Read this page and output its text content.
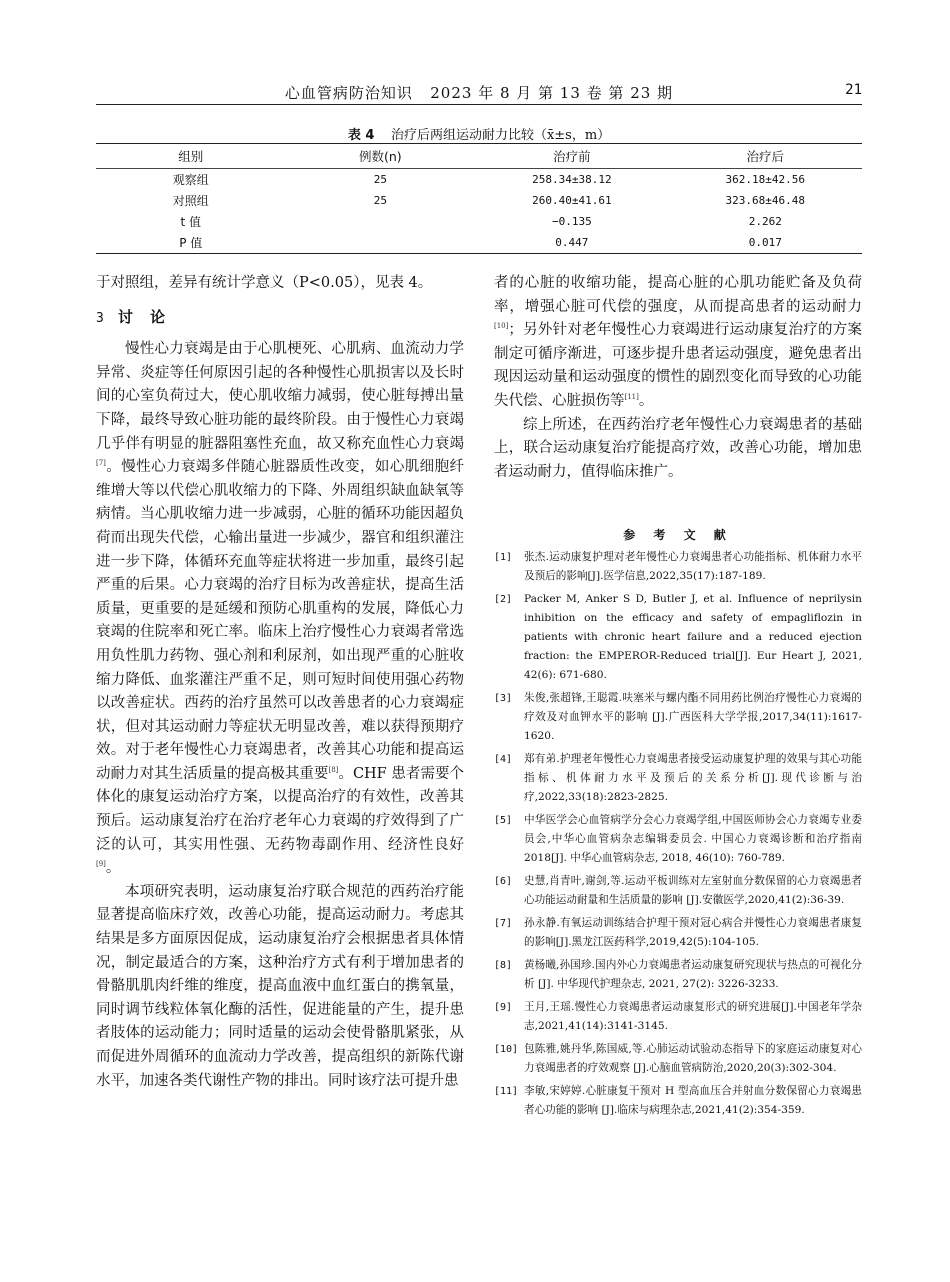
心血管病防治知识 2023 年 8 月 第 13 卷 第 23 期	21
表 4 治疗后两组运动耐力比较（x̄±s，m）
组别	例数(n)	治疗前	治疗后
观察组	25	258.34±38.12	362.18±42.56
对照组	25	260.40±41.61	323.68±46.48
t 值		−0.135	2.262
P 值		0.447	0.017

于对照组，差异有统计学意义（P<0.05），见表 4。

3 讨 论

慢性心力衰竭是由于心肌梗死、心肌病、血流动力学异常、炎症等任何原因引起的各种慢性心肌损害以及长时间的心室负荷过大，使心肌收缩力减弱，使心脏每搏出量下降，最终导致心脏功能的最终阶段。由于慢性心力衰竭几乎伴有明显的脏器阻塞性充血，故又称充血性心力衰竭[7]。慢性心力衰竭多伴随心脏器质性改变，如心肌细胞纤维增大等以代偿心肌收缩力的下降、外周组织缺血缺氧等病情。当心肌收缩力进一步减弱，心脏的循环功能因超负荷而出现失代偿，心输出量进一步减少，器官和组织灌注进一步下降，体循环充血等症状将进一步加重，最终引起严重的后果。心力衰竭的治疗目标为改善症状，提高生活质量，更重要的是延缓和预防心肌重构的发展，降低心力衰竭的住院率和死亡率。临床上治疗慢性心力衰竭者常选用负性肌力药物、强心剂和利尿剂，如出现严重的心脏收缩力降低、血浆灌注严重不足，则可短时间使用强心药物以改善症状。西药的治疗虽然可以改善患者的心力衰竭症状，但对其运动耐力等症状无明显改善，难以获得预期疗效。对于老年慢性心力衰竭患者，改善其心功能和提高运动耐力对其生活质量的提高极其重要[8]。CHF 患者需要个体化的康复运动治疗方案，以提高治疗的有效性，改善其预后。运动康复治疗在治疗老年心力衰竭的疗效得到了广泛的认可，其实用性强、无药物毒副作用、经济性良好[9]。

本项研究表明，运动康复治疗联合规范的西药治疗能显著提高临床疗效，改善心功能，提高运动耐力。考虑其结果是多方面原因促成，运动康复治疗会根据患者具体情况，制定最适合的方案，这种治疗方式有利于增加患者的骨骼肌肌肉纤维的维度，提高血液中血红蛋白的携氧量，同时调节线粒体氧化酶的活性，促进能量的产生，提升患者肢体的运动能力；同时适量的运动会使骨骼肌紧张，从而促进外周循环的血流动力学改善，提高组织的新陈代谢水平，加速各类代谢性产物的排出。同时该疗法可提升患

者的心脏的收缩功能，提高心脏的心肌功能贮备及负荷率，增强心脏可代偿的强度，从而提高患者的运动耐力[10]；另外针对老年慢性心力衰竭进行运动康复治疗的方案制定可循序渐进，可逐步提升患者运动强度，避免患者出现因运动量和运动强度的惯性的剧烈变化而导致的心功能失代偿、心脏损伤等[11]。

综上所述，在西药治疗老年慢性心力衰竭患者的基础上，联合运动康复治疗能提高疗效，改善心功能，增加患者运动耐力，值得临床推广。

参 考 文 献
[1] 张杰.运动康复护理对老年慢性心力衰竭患者心功能指标、机体耐力水平及预后的影响[J].医学信息,2022,35(17):187-189.
[2] Packer M, Anker S D, Butler J, et al. Influence of neprilysin inhibition on the efficacy and safety of empagliflozin in patients with chronic heart failure and a reduced ejection fraction: the EMPEROR-Reduced trial[J]. Eur Heart J, 2021, 42(6): 671-680.
[3] 朱俊,张超锋,王聪霞.呋塞米与螺内酯不同用药比例治疗慢性心力衰竭的疗效及对血钾水平的影响 [J].广西医科大学学报,2017,34(11):1617-1620.
[4] 郑有弟.护理老年慢性心力衰竭患者接受运动康复护理的效果与其心功能指标、机体耐力水平及预后的关系分析[J].现代诊断与治疗,2022,33(18):2823-2825.
[5] 中华医学会心血管病学分会心力衰竭学组,中国医师协会心力衰竭专业委员会,中华心血管病杂志编辑委员会. 中国心力衰竭诊断和治疗指南 2018[J]. 中华心血管病杂志, 2018, 46(10): 760-789.
[6] 史慧,肖青叶,谢剑,等.运动平板训练对左室射血分数保留的心力衰竭患者心功能运动耐量和生活质量的影响 [J].安徽医学,2020,41(2):36-39.
[7] 孙永静.有氧运动训练结合护理干预对冠心病合并慢性心力衰竭患者康复的影响[J].黑龙江医药科学,2019,42(5):104-105.
[8] 黄杨曦,孙国珍.国内外心力衰竭患者运动康复研究现状与热点的可视化分析 [J]. 中华现代护理杂志, 2021, 27(2): 3226-3233.
[9] 王月,王瑶.慢性心力衰竭患者运动康复形式的研究进展[J].中国老年学杂志,2021,41(14):3141-3145.
[10] 包陈雅,姚丹华,陈国威,等.心肺运动试验动态指导下的家庭运动康复对心力衰竭患者的疗效观察 [J].心脑血管病防治,2020,20(3):302-304.
[11] 李敏,宋婷婷.心脏康复干预对 H 型高血压合并射血分数保留心力衰竭患者心功能的影响 [J].临床与病理杂志,2021,41(2):354-359.
